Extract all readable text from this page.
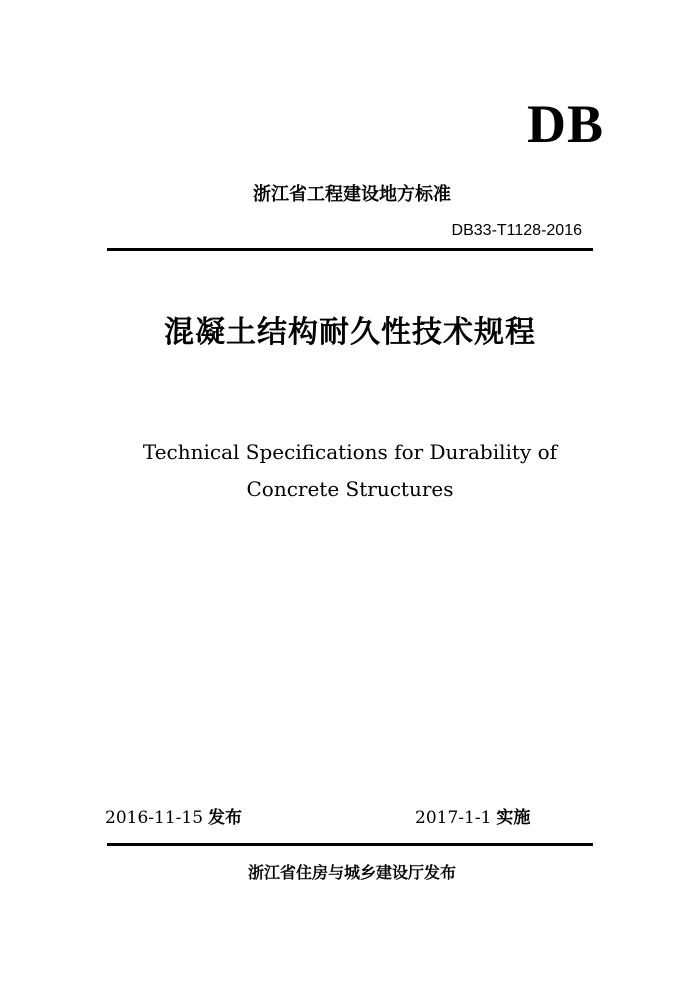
DB
浙江省工程建设地方标准
DB33-T1128-2016
混凝土结构耐久性技术规程
Technical Specifications for Durability of
Concrete Structures
2016-11-15 发布	2017-1-1 实施
浙江省住房与城乡建设厅发布
